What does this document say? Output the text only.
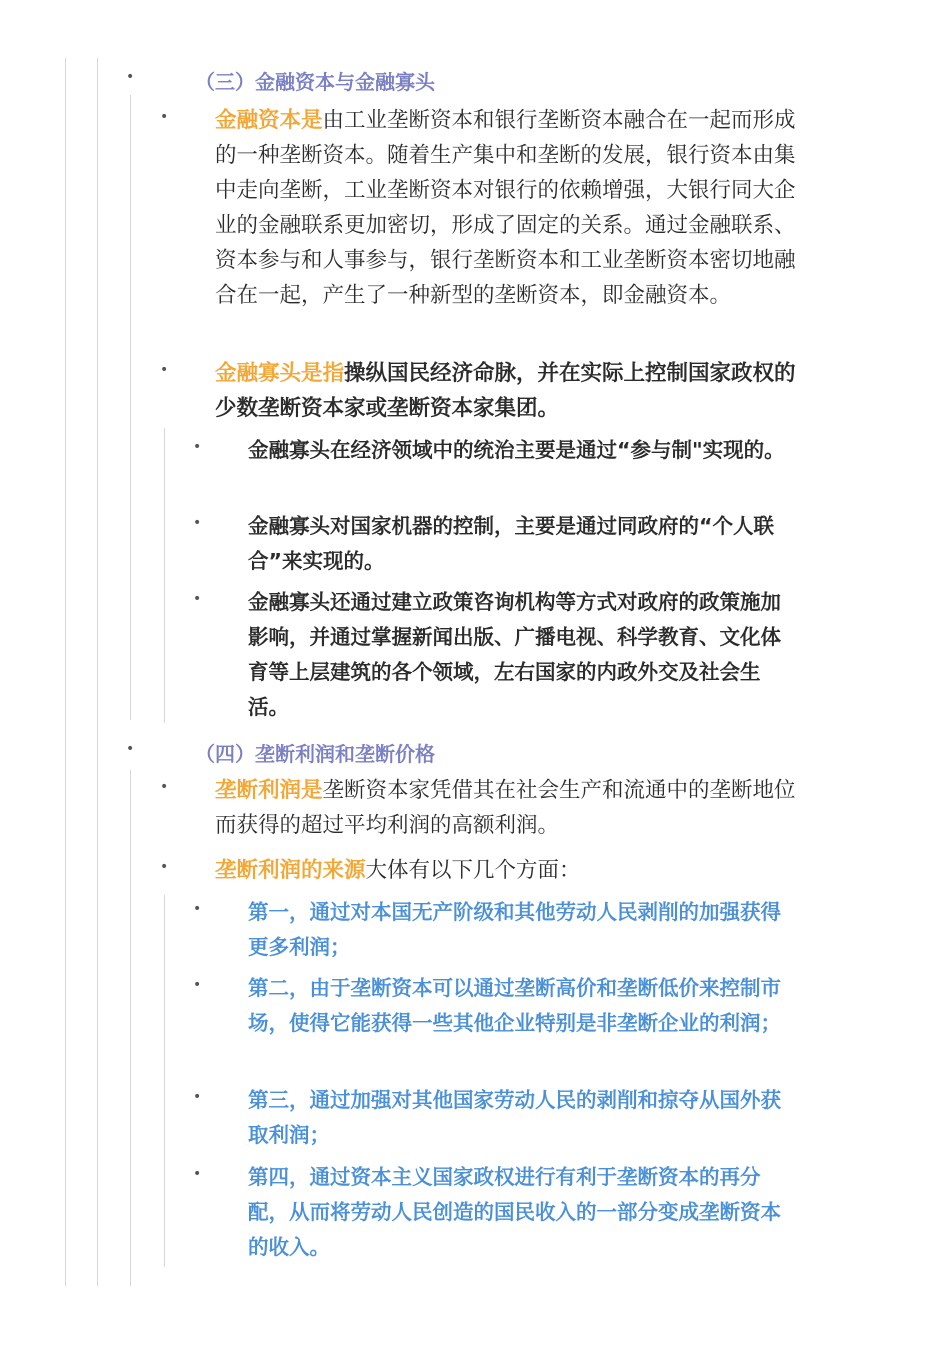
•	（三）金融资本与金融寡头
• 金融资本是由工业垄断资本和银行垄断资本融合在一起而形成的一种垄断资本。随着生产集中和垄断的发展，银行资本由集中走向垄断，工业垄断资本对银行的依赖增强，大银行同大企业的金融联系更加密切，形成了固定的关系。通过金融联系、资本参与和人事参与，银行垄断资本和工业垄断资本密切地融合在一起，产生了一种新型的垄断资本，即金融资本。
• 金融寡头是指操纵国民经济命脉，并在实际上控制国家政权的少数垄断资本家或垄断资本家集团。
• 金融寡头在经济领域中的统治主要是通过“参与制"实现的。
• 金融寡头对国家机器的控制，主要是通过同政府的“个人联合”来实现的。
• 金融寡头还通过建立政策咨询机构等方式对政府的政策施加影响，并通过掌握新闻出版、广播电视、科学教育、文化体育等上层建筑的各个领域，左右国家的内政外交及社会生活。
•	（四）垄断利润和垄断价格
• 垄断利润是垄断资本家凭借其在社会生产和流通中的垄断地位而获得的超过平均利润的高额利润。
• 垄断利润的来源大体有以下几个方面：
• 第一，通过对本国无产阶级和其他劳动人民剥削的加强获得更多利润；
• 第二，由于垄断资本可以通过垄断高价和垄断低价来控制市场，使得它能获得一些其他企业特别是非垄断企业的利润；
• 第三，通过加强对其他国家劳动人民的剥削和掠夺从国外获取利润；
• 第四，通过资本主义国家政权进行有利于垄断资本的再分配，从而将劳动人民创造的国民收入的一部分变成垄断资本的收入。
